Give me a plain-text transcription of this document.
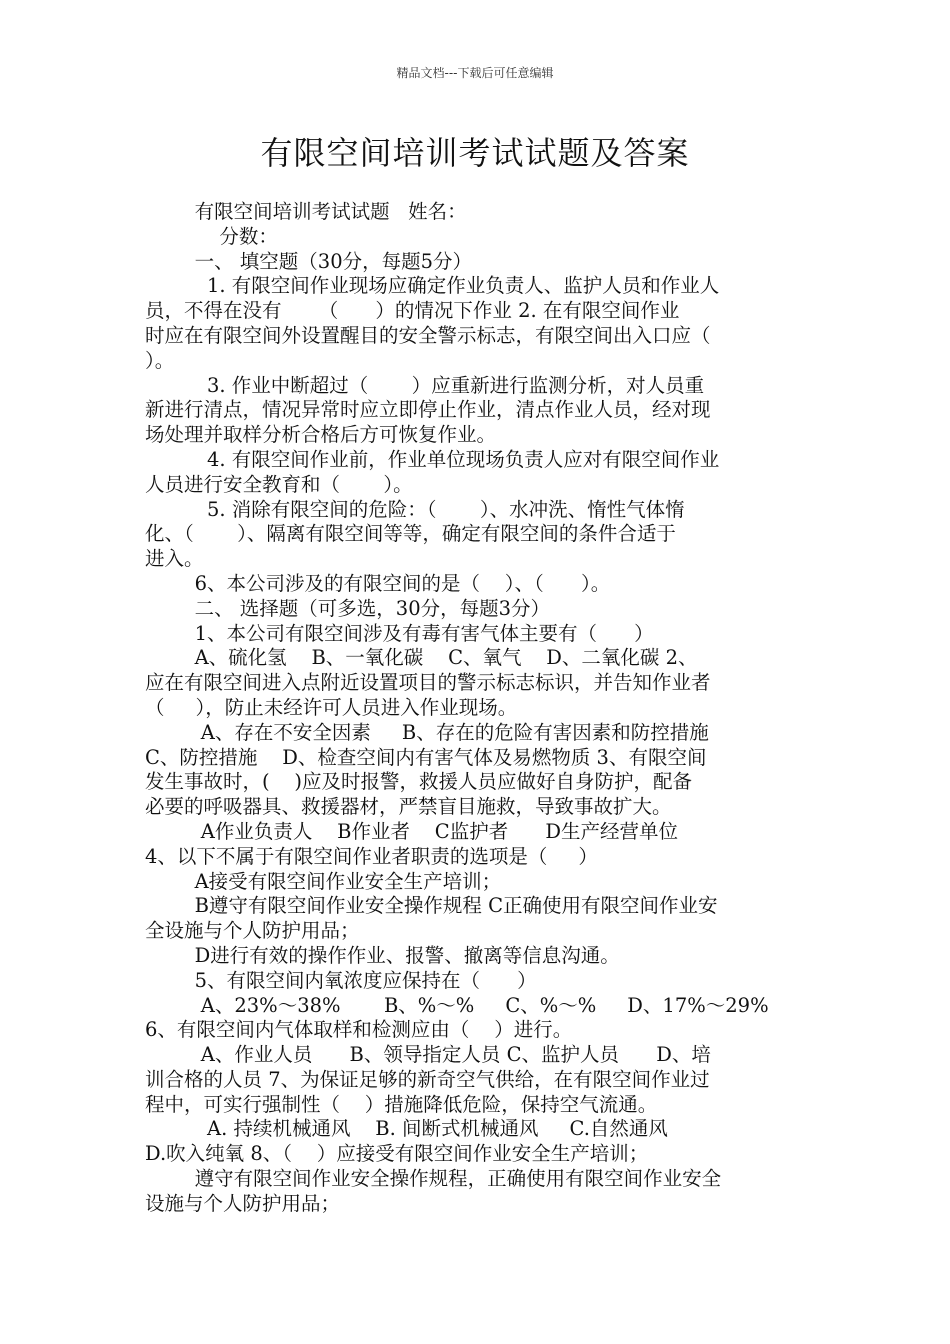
精品文档---下载后可任意编辑
有限空间培训考试试题及答案
有限空间培训考试试题   姓名：
分数：
一、 填空题（30分，每题5分）
1. 有限空间作业现场应确定作业负责人、监护人员和作业人
员，不得在没有      （      ）的情况下作业 2. 在有限空间作业
时应在有限空间外设置醒目的安全警示标志，有限空间出入口应（
）。
3. 作业中断超过（       ）应重新进行监测分析，对人员重
新进行清点，情况异常时应立即停止作业，清点作业人员，经对现
场处理并取样分析合格后方可恢复作业。
4. 有限空间作业前，作业单位现场负责人应对有限空间作业
人员进行安全教育和（       ）。
5. 消除有限空间的危险：（       ）、水冲洗、惰性气体惰
化、（       ）、隔离有限空间等等，确定有限空间的条件合适于
进入。
6、本公司涉及的有限空间的是（    ）、（      ）。
二、 选择题（可多选，30分，每题3分）
1、本公司有限空间涉及有毒有害气体主要有（      ）
A、硫化氢    B、一氧化碳    C、氧气    D、二氧化碳 2、
应在有限空间进入点附近设置项目的警示标志标识，并告知作业者
（     ），防止未经许可人员进入作业现场。
A、存在不安全因素     B、存在的危险有害因素和防控措施
C、防控措施    D、检查空间内有害气体及易燃物质 3、有限空间
发生事故时，(    )应及时报警，救援人员应做好自身防护，配备
必要的呼吸器具、救援器材，严禁盲目施救，导致事故扩大。
A作业负责人    B作业者    C监护者      D生产经营单位
4、以下不属于有限空间作业者职责的选项是（     ）
A接受有限空间作业安全生产培训；
B遵守有限空间作业安全操作规程 C正确使用有限空间作业安
全设施与个人防护用品；
D进行有效的操作作业、报警、撤离等信息沟通。
5、有限空间内氧浓度应保持在（      ）
A、23%～38%       B、%～%     C、%～%     D、17%～29%
6、有限空间内气体取样和检测应由（    ）进行。
A、作业人员      B、领导指定人员 C、监护人员      D、培
训合格的人员 7、为保证足够的新奇空气供给，在有限空间作业过
程中，可实行强制性（    ）措施降低危险，保持空气流通。
A. 持续机械通风    B. 间断式机械通风     C.自然通风
D.吹入纯氧 8、（    ）应接受有限空间作业安全生产培训；
遵守有限空间作业安全操作规程，正确使用有限空间作业安全
设施与个人防护用品；
